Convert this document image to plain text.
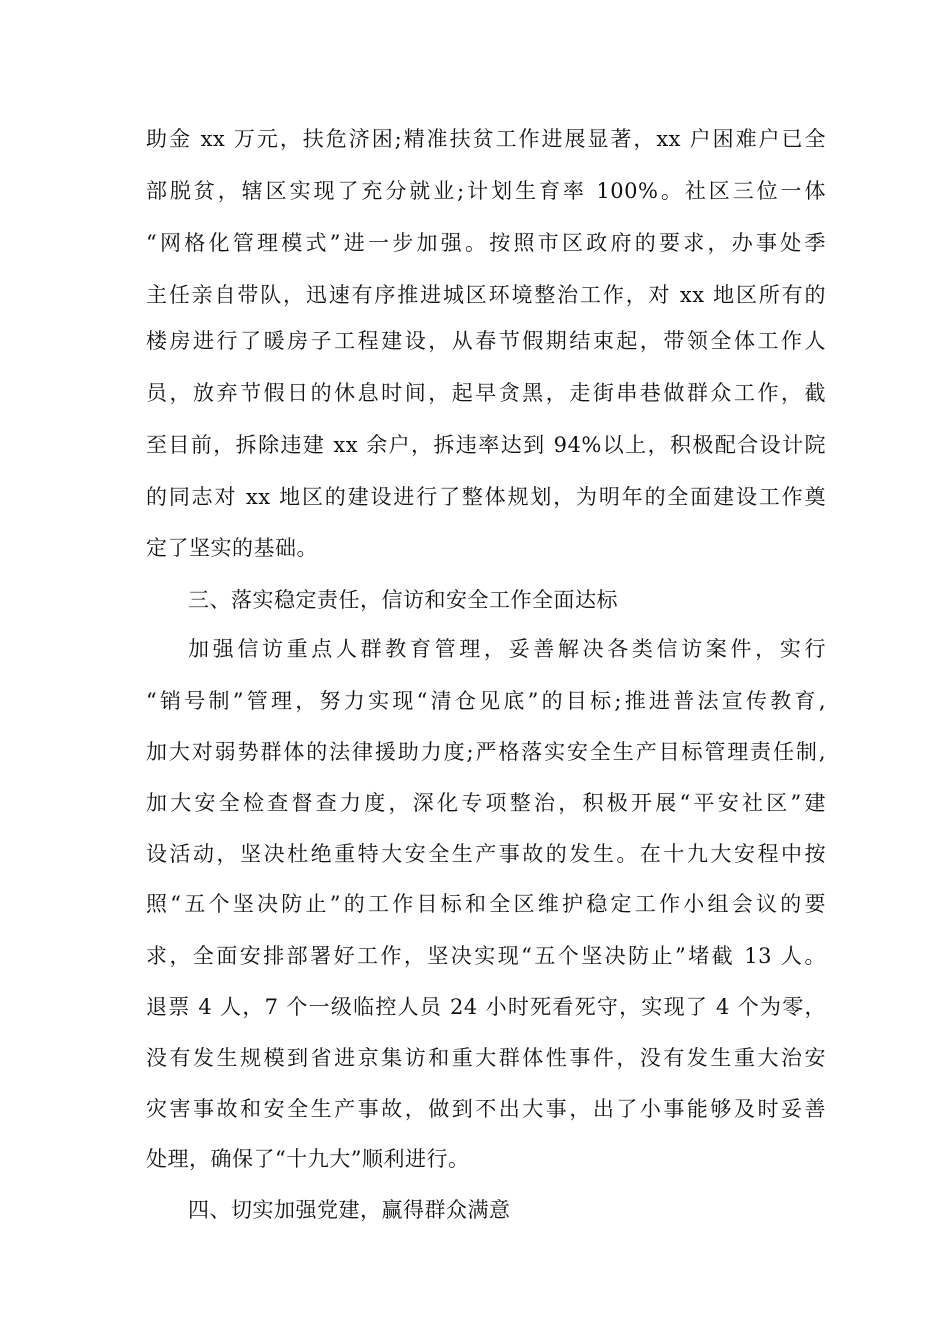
助金 xx 万元，扶危济困;精准扶贫工作进展显著，xx 户困难户已全
部脱贫，辖区实现了充分就业;计划生育率 100%。社区三位一体
“网格化管理模式”进一步加强。按照市区政府的要求，办事处季
主任亲自带队，迅速有序推进城区环境整治工作，对 xx 地区所有的
楼房进行了暖房子工程建设，从春节假期结束起，带领全体工作人
员，放弃节假日的休息时间，起早贪黑，走街串巷做群众工作，截
至目前，拆除违建 xx 余户，拆违率达到 94%以上，积极配合设计院
的同志对 xx 地区的建设进行了整体规划，为明年的全面建设工作奠
定了坚实的基础。
三、落实稳定责任，信访和安全工作全面达标
加强信访重点人群教育管理，妥善解决各类信访案件，实行
“销号制”管理，努力实现“清仓见底”的目标;推进普法宣传教育,
加大对弱势群体的法律援助力度;严格落实安全生产目标管理责任制,
加大安全检查督查力度，深化专项整治，积极开展“平安社区”建
设活动，坚决杜绝重特大安全生产事故的发生。在十九大安程中按
照“五个坚决防止”的工作目标和全区维护稳定工作小组会议的要
求，全面安排部署好工作，坚决实现“五个坚决防止”堵截 13 人。
退票 4 人，7 个一级临控人员 24 小时死看死守，实现了 4 个为零，
没有发生规模到省进京集访和重大群体性事件，没有发生重大治安
灾害事故和安全生产事故，做到不出大事，出了小事能够及时妥善
处理，确保了“十九大”顺利进行。
四、切实加强党建，赢得群众满意
